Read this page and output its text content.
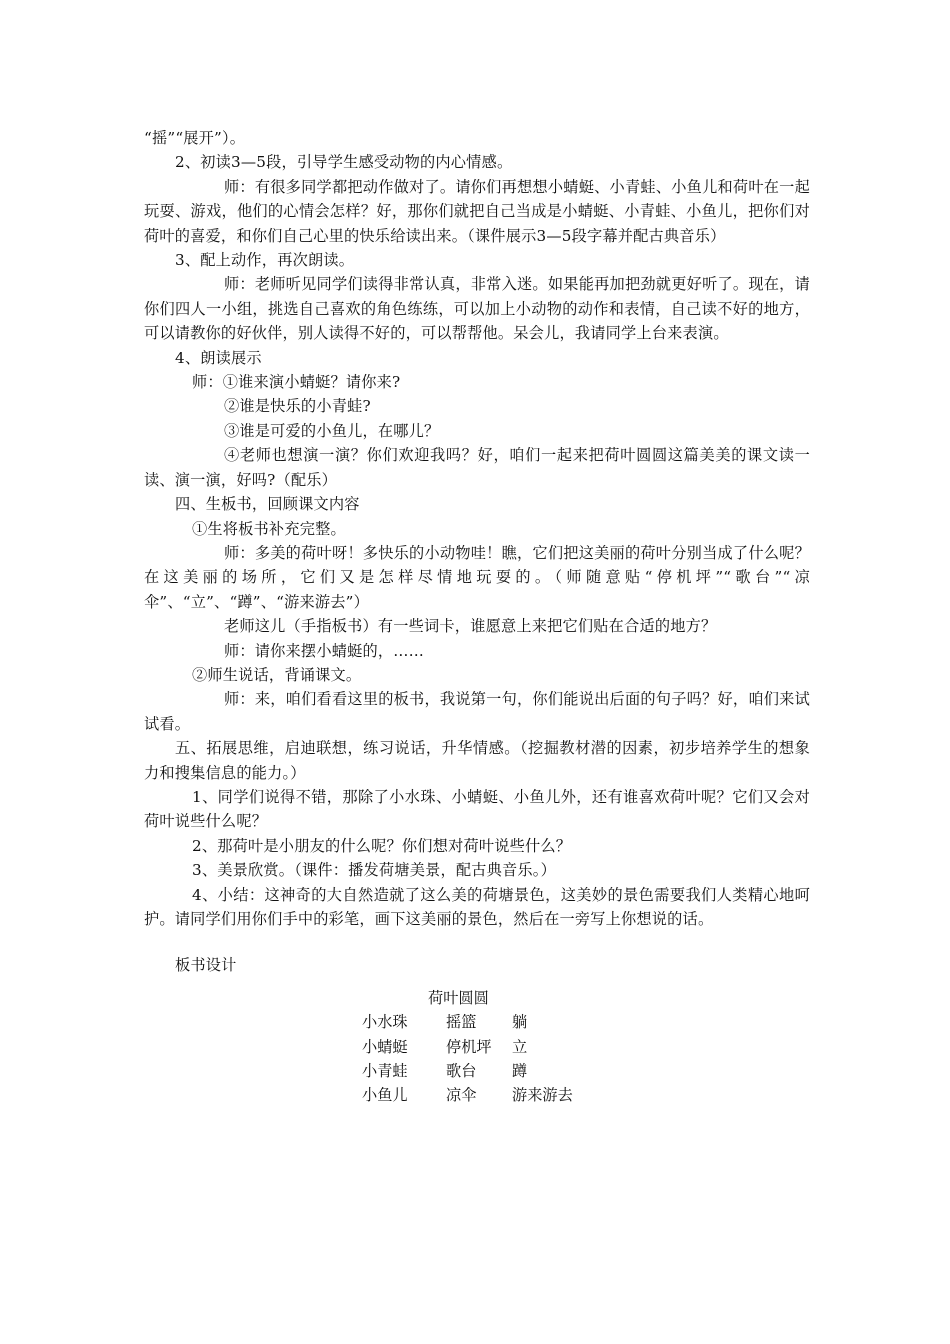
“摇”“展开”）。

2、初读3—5段，引导学生感受动物的内心情感。

师：有很多同学都把动作做对了。请你们再想想小蜻蜓、小青蛙、小鱼儿和荷叶在一起玩耍、游戏，他们的心情会怎样？好，那你们就把自己当成是小蜻蜓、小青蛙、小鱼儿，把你们对荷叶的喜爱，和你们自己心里的快乐给读出来。（课件展示3—5段字幕并配古典音乐）

3、配上动作，再次朗读。

师：老师听见同学们读得非常认真，非常入迷。如果能再加把劲就更好听了。现在，请你们四人一小组，挑选自己喜欢的角色练练，可以加上小动物的动作和表情，自己读不好的地方，可以请教你的好伙伴，别人读得不好的，可以帮帮他。呆会儿，我请同学上台来表演。

4、朗读展示

师：①谁来演小蜻蜓？请你来?

②谁是快乐的小青蛙?

③谁是可爱的小鱼儿，在哪儿？

④老师也想演一演？你们欢迎我吗？好，咱们一起来把荷叶圆圆这篇美美的课文读一读、演一演，好吗?（配乐）

四、生板书，回顾课文内容

①生将板书补充完整。

师：多美的荷叶呀！多快乐的小动物哇！瞧，它们把这美丽的荷叶分别当成了什么呢？在这美丽的场所，它们又是怎样尽情地玩耍的。（师随意贴“停机坪”“歌台”“凉伞”、“立”、“蹲”、“游来游去”）

老师这儿（手指板书）有一些词卡，谁愿意上来把它们贴在合适的地方？

师：请你来摆小蜻蜓的，……

②师生说话，背诵课文。

师：来，咱们看看这里的板书，我说第一句，你们能说出后面的句子吗？好，咱们来试试看。

五、拓展思维，启迪联想，练习说话，升华情感。（挖掘教材潜的因素，初步培养学生的想象力和搜集信息的能力。）

1、同学们说得不错，那除了小水珠、小蜻蜓、小鱼儿外，还有谁喜欢荷叶呢？它们又会对荷叶说些什么呢？

2、那荷叶是小朋友的什么呢？你们想对荷叶说些什么？

3、美景欣赏。（课件：播发荷塘美景，配古典音乐。）

4、小结：这神奇的大自然造就了这么美的荷塘景色，这美妙的景色需要我们人类精心地呵护。请同学们用你们手中的彩笔，画下这美丽的景色，然后在一旁写上你想说的话。

板书设计

荷叶圆圆
小水珠	摇篮	躺
小蜻蜓	停机坪	立
小青蛙	歌台	蹲
小鱼儿	凉伞	游来游去
